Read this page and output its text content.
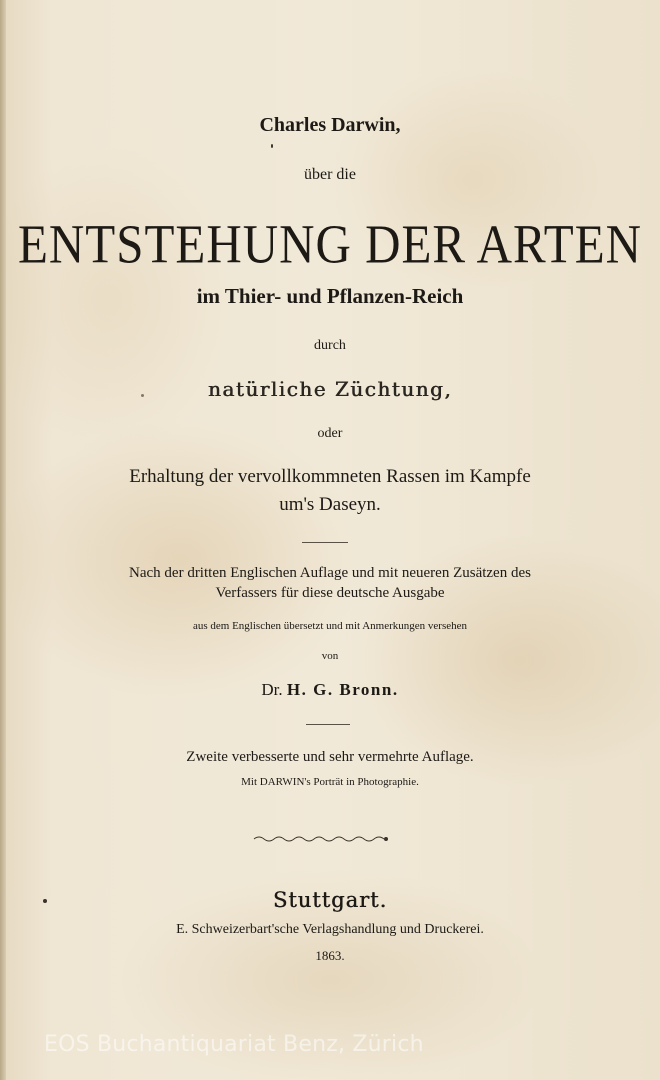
Charles Darwin,
über die
ENTSTEHUNG DER ARTEN
im Thier- und Pflanzen-Reich
durch
natürliche Züchtung,
oder
Erhaltung der vervollkommneten Rassen im Kampfe
um's Daseyn.
Nach der dritten Englischen Auflage und mit neueren Zusätzen des
Verfassers für diese deutsche Ausgabe
aus dem Englischen übersetzt und mit Anmerkungen versehen
von
Dr. H. G. Bronn.
Zweite verbesserte und sehr vermehrte Auflage.
Mit DARWIN's Porträt in Photographie.
Stuttgart.
E. Schweizerbart'sche Verlagshandlung und Druckerei.
1863.
EOS Buchantiquariat Benz, Zürich
